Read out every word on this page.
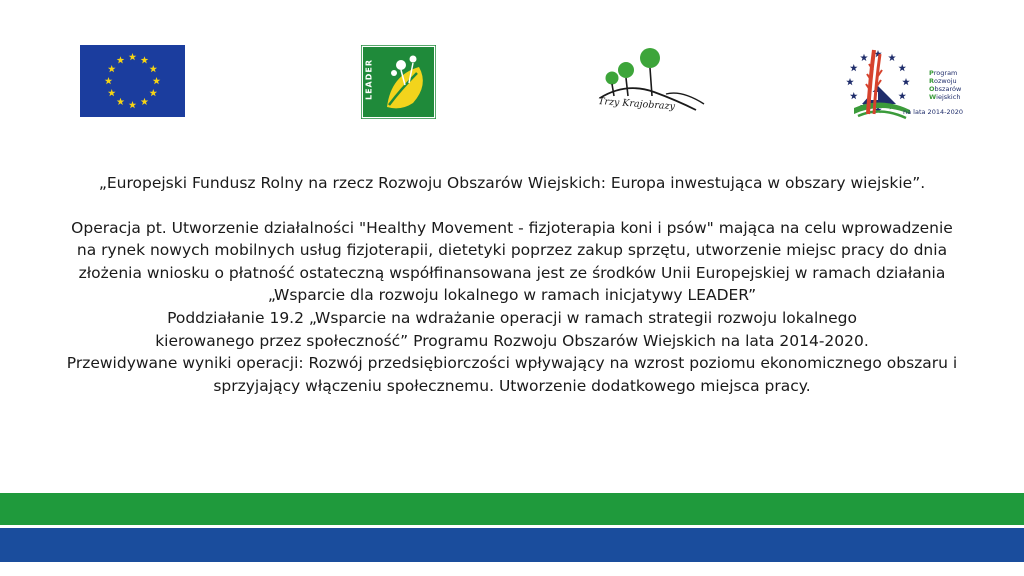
LEADER
Trzy Krajobrazy
Program
Rozwoju
Obszarów
Wiejskich
na lata 2014-2020

„Europejski Fundusz Rolny na rzecz Rozwoju Obszarów Wiejskich: Europa inwestująca w obszary wiejskie”.

Operacja pt. Utworzenie działalności "Healthy Movement - fizjoterapia koni i psów" mająca na celu wprowadzenie

na rynek nowych mobilnych usług fizjoterapii, dietetyki poprzez zakup sprzętu, utworzenie miejsc pracy do dnia

złożenia wniosku o płatność ostateczną współfinansowana jest ze środków Unii Europejskiej w ramach działania

„Wsparcie dla rozwoju lokalnego w ramach inicjatywy LEADER”

Poddziałanie 19.2 „Wsparcie na wdrażanie operacji w ramach strategii rozwoju lokalnego

kierowanego przez społeczność” Programu Rozwoju Obszarów Wiejskich na lata 2014-2020.

Przewidywane wyniki operacji: Rozwój przedsiębiorczości wpływający na wzrost poziomu ekonomicznego obszaru i

sprzyjający włączeniu społecznemu. Utworzenie dodatkowego miejsca pracy.
